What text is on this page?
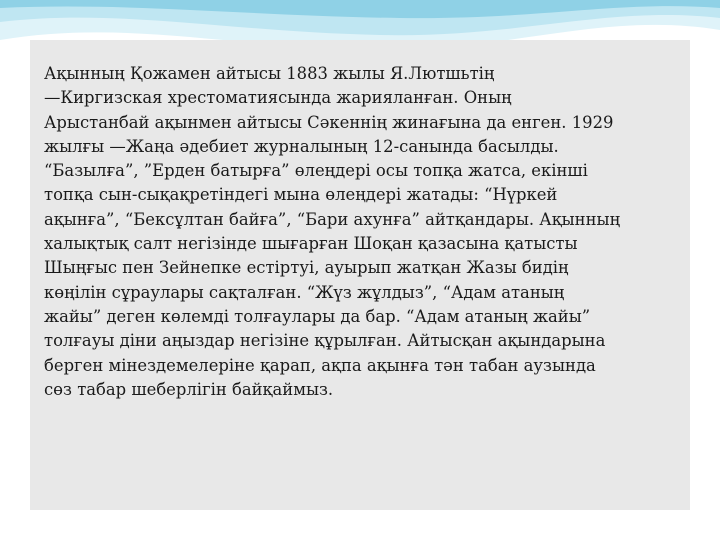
Ақынның Қожамен айтысы 1883 жылы Я.Лютшьтің
—Киргизская хрестоматиясында жарияланған. Оның
Арыстанбай ақынмен айтысы Сәкеннің жинағына да енген. 1929
жылғы —Жаңа әдебиет журналының 12-санында басылды.
“Базылға”, ”Ерден батырға” өлеңдері осы топқа жатса, екінші
топқа сын-сықақретіндегі мына өлеңдері жатады: “Нүркей
ақынға”, “Бексұлтан байға”, “Бари ахунға” айтқандары. Ақынның
халықтық салт негізінде шығарған Шоқан қазасына қатысты
Шыңғыс пен Зейнепке естіртуі, ауырып жатқан Жазы бидің
көңілін сұраулары сақталған. “Жүз жұлдыз”, “Адам атаның
жайы” деген көлемді толғаулары да бар. “Адам атаның жайы”
толғауы діни аңыздар негізіне құрылған. Айтысқан ақындарына
берген мінездемелеріне қарап, ақпа ақынға тән табан аузында
сөз табар шеберлігін байқаймыз.
